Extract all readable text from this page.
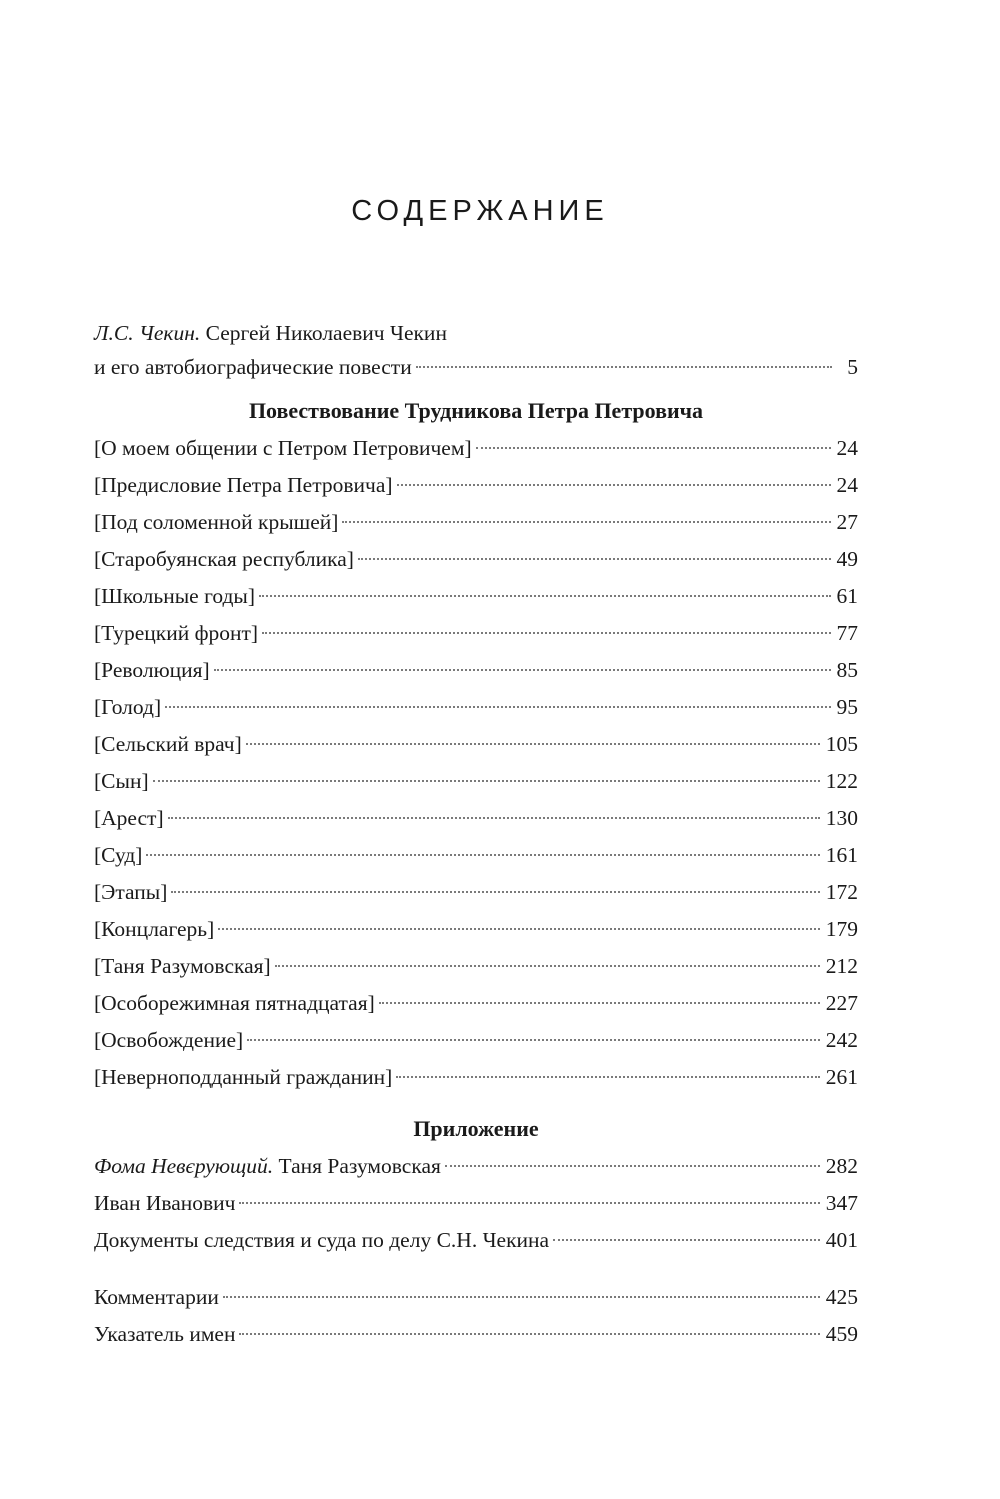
СОДЕРЖАНИЕ
Л.С. Чекин. Сергей Николаевич Чекин
и его автобиографические повести	5
Повествование Трудникова Петра Петровича
[О моем общении с Петром Петровичем]	24
[Предисловие Петра Петровича]	24
[Под соломенной крышей]	27
[Старобуянская республика]	49
[Школьные годы]	61
[Турецкий фронт]	77
[Революция]	85
[Голод]	95
[Сельский врач]	105
[Сын]	122
[Арест]	130
[Суд]	161
[Этапы]	172
[Концлагерь]	179
[Таня Разумовская]	212
[Особорежимная пятнадцатая]	227
[Освобождение]	242
[Неверноподданный гражданин]	261
Приложение
Фома Невєрующий. Таня Разумовская	282
Иван Иванович	347
Документы следствия и суда по делу С.Н. Чекина	401
Комментарии	425
Указатель имен	459
